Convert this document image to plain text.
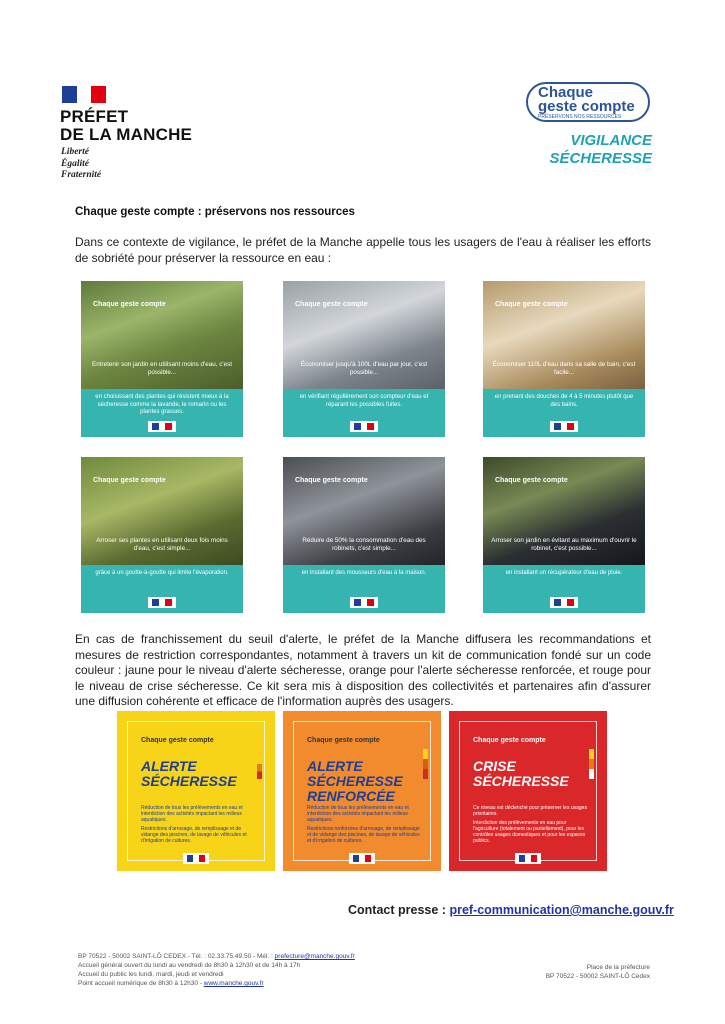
PRÉFET
DE LA MANCHE
Liberté
Égalité
Fraternité
Chaque
geste compte
PRÉSERVONS NOS RESSOURCES
VIGILANCE
SÉCHERESSE
Chaque geste compte : préservons nos ressources

Dans ce contexte de vigilance, le préfet de la Manche appelle tous les usagers de l'eau à réaliser les efforts de sobriété pour préserver la ressource en eau :

Chaque geste compte
Entretenir son jardin en utilisant moins d'eau, c'est possible...
en choisissant des plantes qui résistent mieux à la sécheresse comme la lavande, le romarin ou les plantes grasses.
Chaque geste compte
Économiser jusqu'à 100L d'eau par jour, c'est possible...
en vérifiant régulièrement son compteur d'eau et réparant les possibles fuites.
Chaque geste compte
Économiser 110L d'eau dans sa salle de bain, c'est facile...
en prenant des douches de 4 à 5 minutes plutôt que des bains.
Chaque geste compte
Arroser ses plantes en utilisant deux fois moins d'eau, c'est simple...
grâce à un goutte-à-goutte qui limite l'évaporation.
Chaque geste compte
Réduire de 50% la consommation d'eau des robinets, c'est simple...
en installant des mousseurs d'eau à la maison.
Chaque geste compte
Arroser son jardin en évitant au maximum d'ouvrir le robinet, c'est possible...
en installant un récupérateur d'eau de pluie.

En cas de franchissement du seuil d'alerte, le préfet de la Manche diffusera les recommandations et mesures de restriction correspondantes, notamment à travers un kit de communication fondé sur un code couleur : jaune pour le niveau d'alerte sécheresse, orange pour l'alerte sécheresse renforcée, et rouge pour le niveau de crise sécheresse. Ce kit sera mis à disposition des collectivités et partenaires afin d'assurer une diffusion cohérente et efficace de l'information auprès des usagers.

Chaque geste compte
ALERTE
SÉCHERESSE

Réduction de tous les prélèvements en eau et interdiction des activités impactant les milieux aquatiques.

Restrictions d'arrosage, de remplissage et de vidange des piscines, de lavage de véhicules et d'irrigation de cultures.

Chaque geste compte
ALERTE
SÉCHERESSE
RENFORCÉE

Réduction de tous les prélèvements en eau et interdiction des activités impactant les milieux aquatiques.

Restrictions renforcées d'arrosage, de remplissage et de vidange des piscines, de lavage de véhicules et d'irrigation de cultures.

Chaque geste compte
CRISE
SÉCHERESSE

Ce niveau est déclenché pour préserver les usages prioritaires.

Interdiction des prélèvements en eau pour l'agriculture (totalement ou partiellement), pour les contrôles usages domestiques et pour les espaces publics.

Contact presse : pref-communication@manche.gouv.fr
BP 70522 - 50002 SAINT-LÔ CEDEX - Tél. : 02.33.75.49.50 - Mél. : prefecture@manche.gouv.fr
Accueil général ouvert du lundi au vendredi de 8h30 à 12h30 et de 14h à 17h
Accueil du public les lundi, mardi, jeudi et vendredi
Point accueil numérique de 8h30 à 12h30 - www.manche.gouv.fr
Place de la préfecture
BP 70522 - 50002 SAINT-LÔ Cedex
